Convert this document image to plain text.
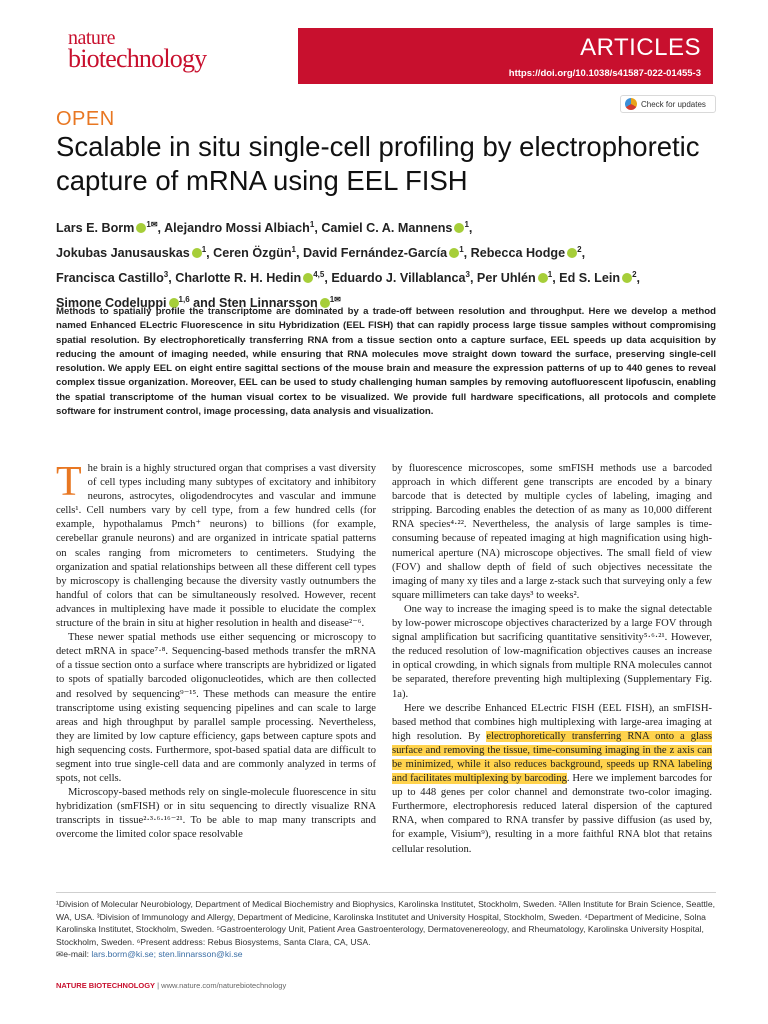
nature
biotechnology	ARTICLES
https://doi.org/10.1038/s41587-022-01455-3
Check for updates
OPEN
Scalable in situ single-cell profiling by electrophoretic capture of mRNA using EEL FISH
Lars E. Borm $^{1✉}$, Alejandro Mossi Albiach$^1$, Camiel C. A. Mannens $^1$,
Jokubas Janusauskas $^1$, Ceren Özgün$^1$, David Fernández-García $^1$, Rebecca Hodge $^2$,
Francisca Castillo$^3$, Charlotte R. H. Hedin $^{4,5}$, Eduardo J. Villablanca$^3$, Per Uhlén $^1$, Ed S. Lein $^2$,
Simone Codeluppi $^{1,6}$ and Sten Linnarsson $^{1✉}$
Methods to spatially profile the transcriptome are dominated by a trade-off between resolution and throughput. Here we develop a method named Enhanced ELectric Fluorescence in situ Hybridization (EEL FISH) that can rapidly process large tissue samples without compromising spatial resolution. By electrophoretically transferring RNA from a tissue section onto a capture surface, EEL speeds up data acquisition by reducing the amount of imaging needed, while ensuring that RNA molecules move straight down toward the surface, preserving single-cell resolution. We apply EEL on eight entire sagittal sections of the mouse brain and measure the expression patterns of up to 440 genes to reveal complex tissue organization. Moreover, EEL can be used to study challenging human samples by removing autofluorescent lipofuscin, enabling the spatial transcriptome of the human visual cortex to be visualized. We provide full hardware specifications, all protocols and complete software for instrument control, image processing, data analysis and visualization.

The brain is a highly structured organ that comprises a vast diversity of cell types including many subtypes of excitatory and inhibitory neurons, astrocytes, oligodendrocytes and vascular and immune cells¹. Cell numbers vary by cell type, from a few hundred cells (for example, hypothalamus Pmch⁺ neurons) to billions (for example, cerebellar granule neurons) and are organized in intricate spatial patterns on scales ranging from micrometers to centimeters. Studying the organization and spatial relationships between all these different cell types by microscopy is challenging because the diversity vastly outnumbers the handful of colors that can be simultaneously resolved. However, recent advances in multiplexing have made it possible to elucidate the complex structure of the brain in situ at higher resolution in health and disease²⁻⁶.

These newer spatial methods use either sequencing or microscopy to detect mRNA in space⁷·⁸. Sequencing-based methods transfer the mRNA of a tissue section onto a surface where transcripts are hybridized or ligated to spots of spatially barcoded oligonucleotides, which are then collected and resolved by sequencing⁹⁻¹⁵. These methods can measure the entire transcriptome using existing sequencing pipelines and can scale to large areas and high throughput by parallel sample processing. Nevertheless, they are limited by low capture efficiency, gaps between capture spots and high sequencing costs. Furthermore, spot-based spatial data are difficult to segment into true single-cell data and are commonly analyzed in terms of spots, not cells.

Microscopy-based methods rely on single-molecule fluorescence in situ hybridization (smFISH) or in situ sequencing to directly visualize RNA transcripts in tissue²·³·⁶·¹⁶⁻²¹. To be able to map many transcripts and overcome the limited color space resolvable

by fluorescence microscopes, some smFISH methods use a barcoded approach in which different gene transcripts are encoded by a binary barcode that is detected by multiple cycles of labeling, imaging and stripping. Barcoding enables the detection of as many as 10,000 different RNA species⁴·²². Nevertheless, the analysis of large samples is time-consuming because of repeated imaging at high magnification using high-numerical aperture (NA) microscope objectives. The small field of view (FOV) and shallow depth of field of such objectives necessitate the imaging of many xy tiles and a large z-stack such that surveying only a few square millimeters can take days³ to weeks².

One way to increase the imaging speed is to make the signal detectable by low-power microscope objectives characterized by a large FOV through signal amplification but sacrificing quantitative sensitivity⁵·⁶·²¹. However, the reduced resolution of low-magnification objectives causes an increase in optical crowding, in which signals from multiple RNA molecules cannot be separated, therefore preventing high multiplexing (Supplementary Fig. 1a).

Here we describe Enhanced ELectric FISH (EEL FISH), an smFISH-based method that combines high multiplexing with large-area imaging at high resolution. By electrophoretically transferring RNA onto a glass surface and removing the tissue, time-consuming imaging in the z axis can be minimized, while it also reduces background, speeds up RNA labeling and facilitates multiplexing by barcoding. Here we implement barcodes for up to 448 genes per color channel and demonstrate two-color imaging. Furthermore, electrophoresis reduced lateral dispersion of the captured RNA, when compared to RNA transfer by passive diffusion (as used by, for example, Visium⁹), resulting in a more faithful RNA blot that retains cellular resolution.

¹Division of Molecular Neurobiology, Department of Medical Biochemistry and Biophysics, Karolinska Institutet, Stockholm, Sweden. ²Allen Institute for Brain Science, Seattle, WA, USA. ³Division of Immunology and Allergy, Department of Medicine, Karolinska Institutet and University Hospital, Stockholm, Sweden. ⁴Department of Medicine, Solna Karolinska Institutet, Stockholm, Sweden. ⁵Gastroenterology Unit, Patient Area Gastroenterology, Dermatovenereology, and Rheumatology, Karolinska University Hospital, Stockholm, Sweden. ⁶Present address: Rebus Biosystems, Santa Clara, CA, USA.
✉e-mail: lars.borm@ki.se; sten.linnarsson@ki.se
NATURE BIOTECHNOLOGY | www.nature.com/naturebiotechnology
